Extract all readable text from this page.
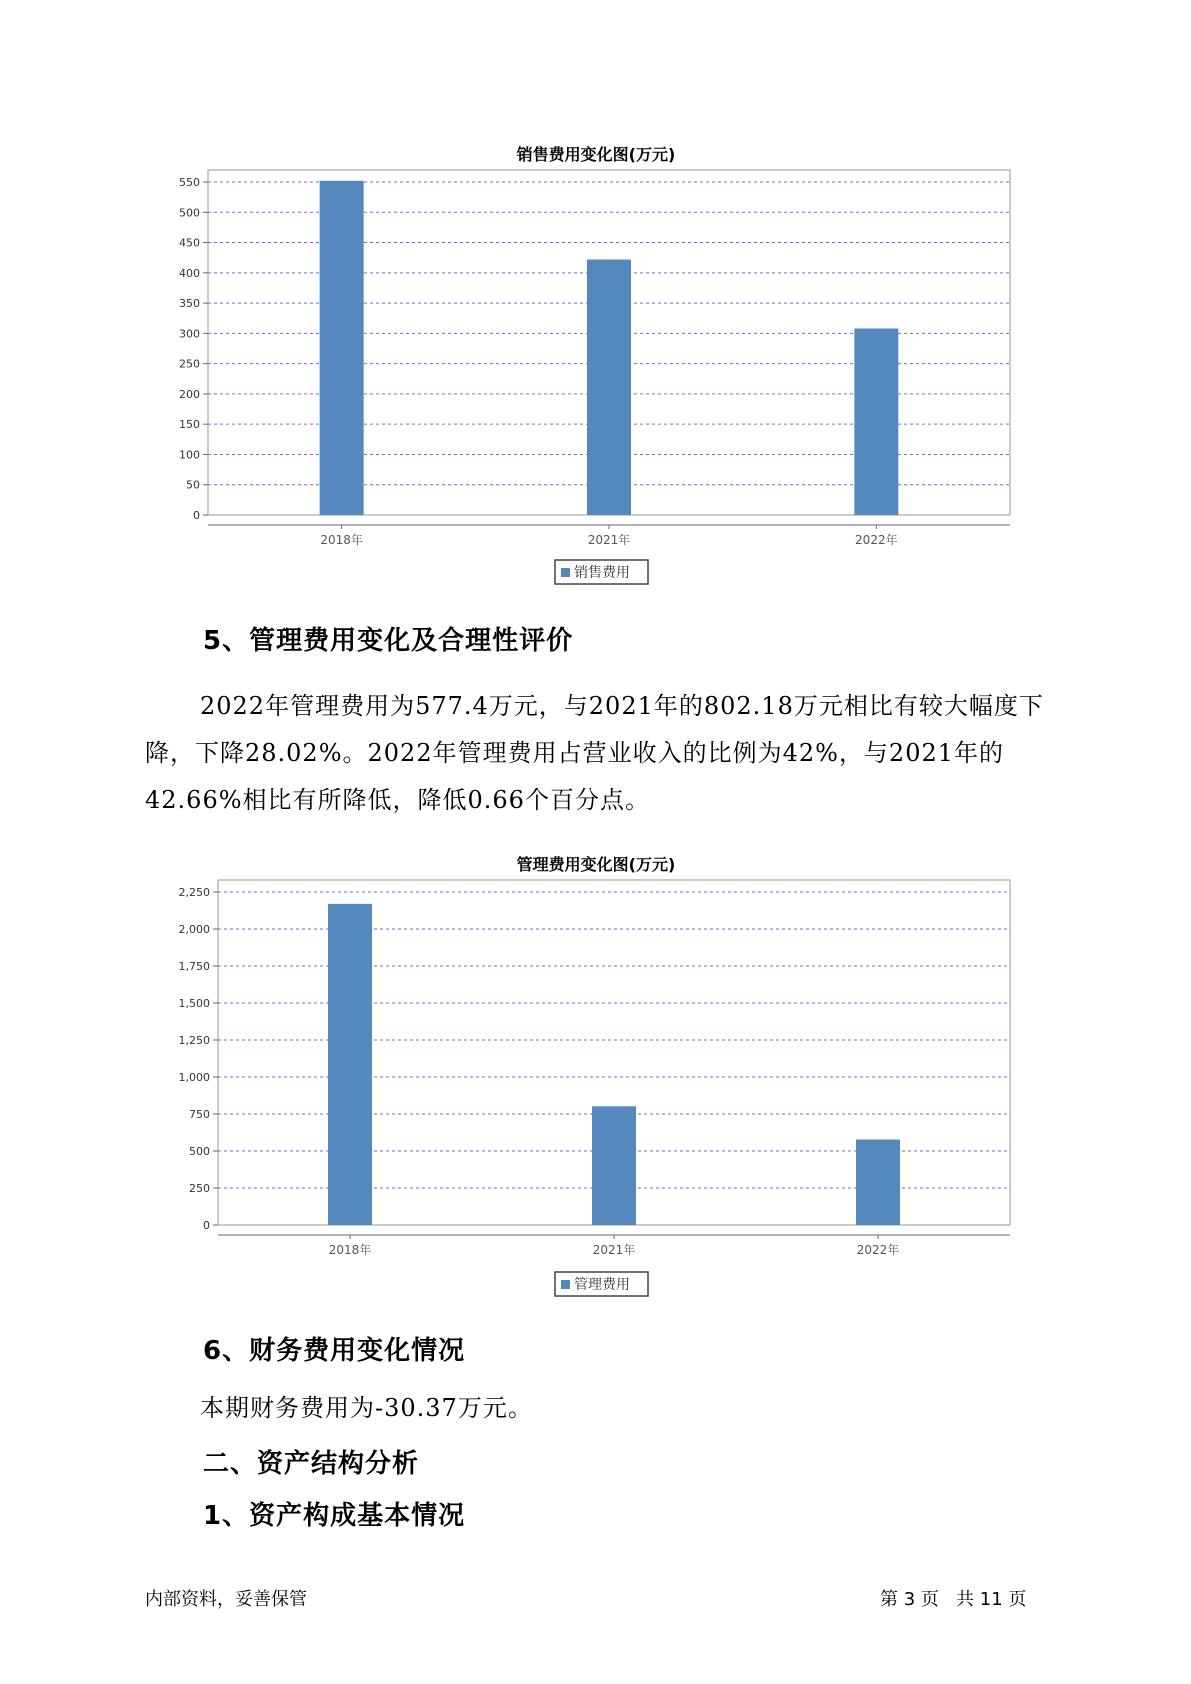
销售费用变化图(万元)
0
50
100
150
200
250
300
350
400
450
500
550
2018年	2021年	2022年
销售费用
5、管理费用变化及合理性评价

2022年管理费用为577.4万元，与2021年的802.18万元相比有较大幅度下降，下降28.02%。2022年管理费用占营业收入的比例为42%，与2021年的42.66%相比有所降低，降低0.66个百分点。

管理费用变化图(万元)
0
250
500
750
1,000
1,250
1,500
1,750
2,000
2,250
2018年	2021年	2022年
管理费用
6、财务费用变化情况

本期财务费用为-30.37万元。

二、资产结构分析
1、资产构成基本情况
内部资料，妥善保管	第 3 页   共 11 页
